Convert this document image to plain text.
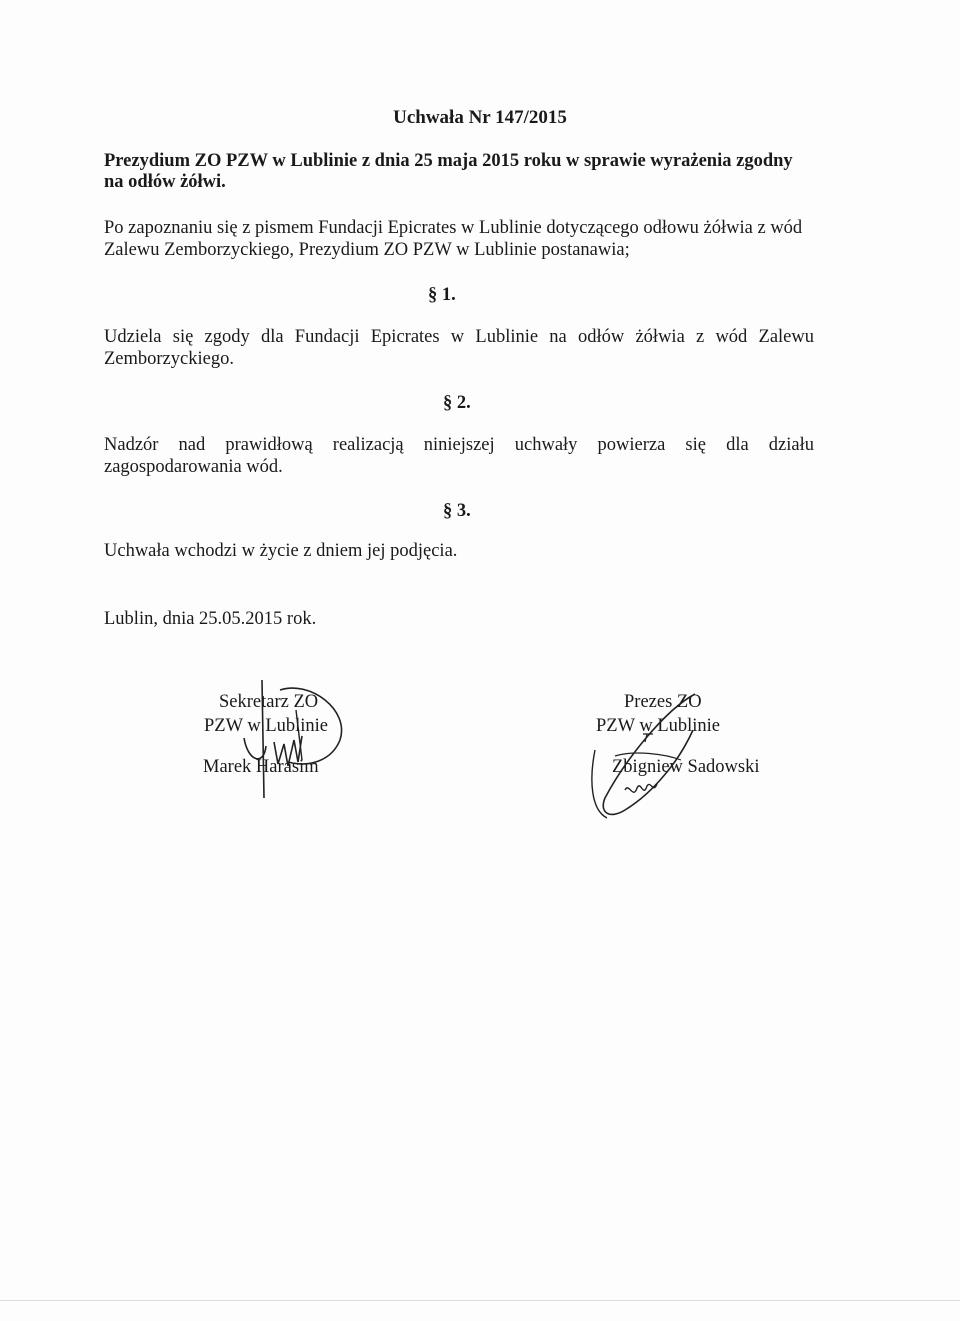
Uchwała Nr 147/2015

Prezydium ZO PZW w Lublinie z dnia 25 maja 2015 roku w sprawie wyrażenia zgodny na odłów żółwi.

Po zapoznaniu się z pismem Fundacji Epicrates w Lublinie dotyczącego odłowu żółwia z wód Zalewu Zemborzyckiego, Prezydium ZO PZW w Lublinie postanawia;

§ 1.

Udziela się zgody dla Fundacji Epicrates w Lublinie na odłów żółwia z wód Zalewu Zemborzyckiego.

§ 2.

Nadzór nad prawidłową realizacją niniejszej uchwały powierza się dla działu zagospodarowania wód.

§ 3.

Uchwała wchodzi w życie z dniem jej podjęcia.

Lublin, dnia 25.05.2015 rok.

Sekretarz ZO
PZW w Lublinie
Marek Harasim
Prezes ZO
PZW w Lublinie
Zbigniew Sadowski
